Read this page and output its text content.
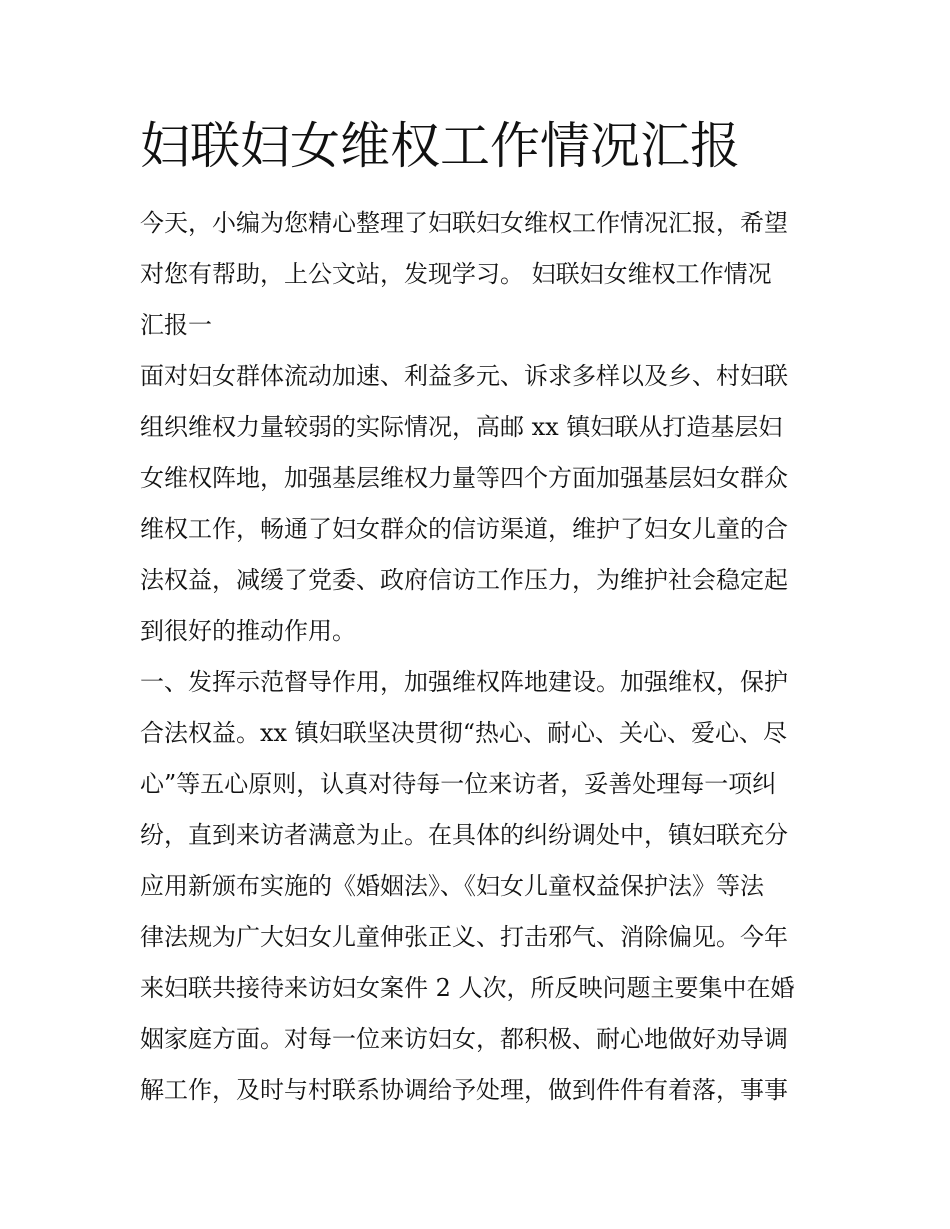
妇联妇女维权工作情况汇报
今天，小编为您精心整理了妇联妇女维权工作情况汇报，希望
对您有帮助，上公文站，发现学习。 妇联妇女维权工作情况
汇报一
面对妇女群体流动加速、利益多元、诉求多样以及乡、村妇联
组织维权力量较弱的实际情况，高邮 xx 镇妇联从打造基层妇
女维权阵地，加强基层维权力量等四个方面加强基层妇女群众
维权工作，畅通了妇女群众的信访渠道，维护了妇女儿童的合
法权益，减缓了党委、政府信访工作压力，为维护社会稳定起
到很好的推动作用。
一、发挥示范督导作用，加强维权阵地建设。加强维权，保护
合法权益。xx 镇妇联坚决贯彻“热心、耐心、关心、爱心、尽
心”等五心原则，认真对待每一位来访者，妥善处理每一项纠
纷，直到来访者满意为止。在具体的纠纷调处中，镇妇联充分
应用新颁布实施的《婚姻法》、《妇女儿童权益保护法》等法
律法规为广大妇女儿童伸张正义、打击邪气、消除偏见。今年
来妇联共接待来访妇女案件 2 人次，所反映问题主要集中在婚
姻家庭方面。对每一位来访妇女，都积极、耐心地做好劝导调
解工作，及时与村联系协调给予处理，做到件件有着落，事事
